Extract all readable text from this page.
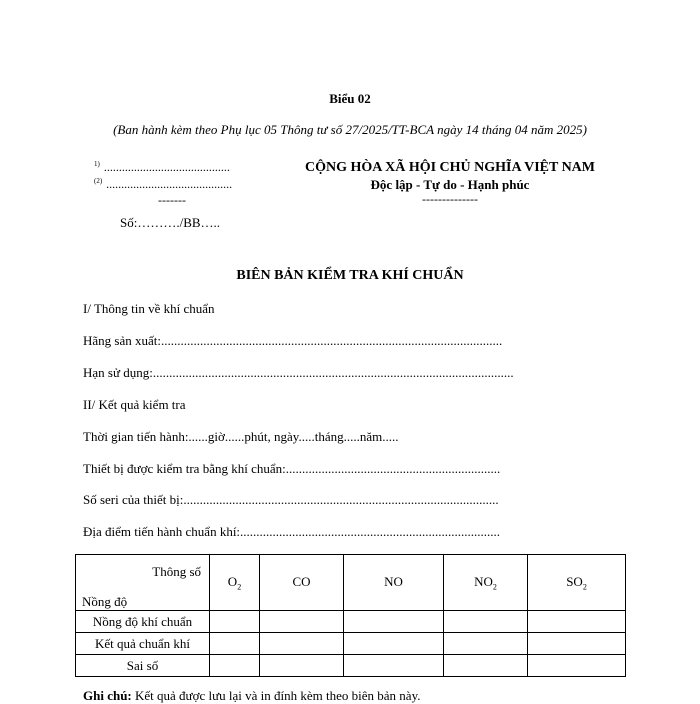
Biểu 02
(Ban hành kèm theo Phụ lục 05 Thông tư số 27/2025/TT-BCA ngày 14 tháng 04 năm 2025)
$^{1)}$ ..........................................
$^{(2)}$ ..........................................
-------
Số:………./BB…..
CỘNG HÒA XÃ HỘI CHỦ NGHĨA VIỆT NAM
Độc lập - Tự do - Hạnh phúc
--------------
BIÊN BẢN KIỂM TRA KHÍ CHUẨN
I/ Thông tin về khí chuẩn
Hãng sản xuất:.........................................................................................................
Hạn sử dụng:...............................................................................................................
II/ Kết quả kiểm tra
Thời gian tiến hành:......giờ......phút, ngày.....tháng.....năm.....
Thiết bị được kiểm tra bằng khí chuẩn:..................................................................
Số seri của thiết bị:.................................................................................................
Địa điểm tiến hành chuẩn khí:................................................................................
Thông số
Nồng độ	$O_2$	CO	NO	$NO_2$	$SO_2$
Nồng độ khí chuẩn					
Kết quả chuẩn khí					
Sai số					
Ghi chú: Kết quả được lưu lại và in đính kèm theo biên bản này.
